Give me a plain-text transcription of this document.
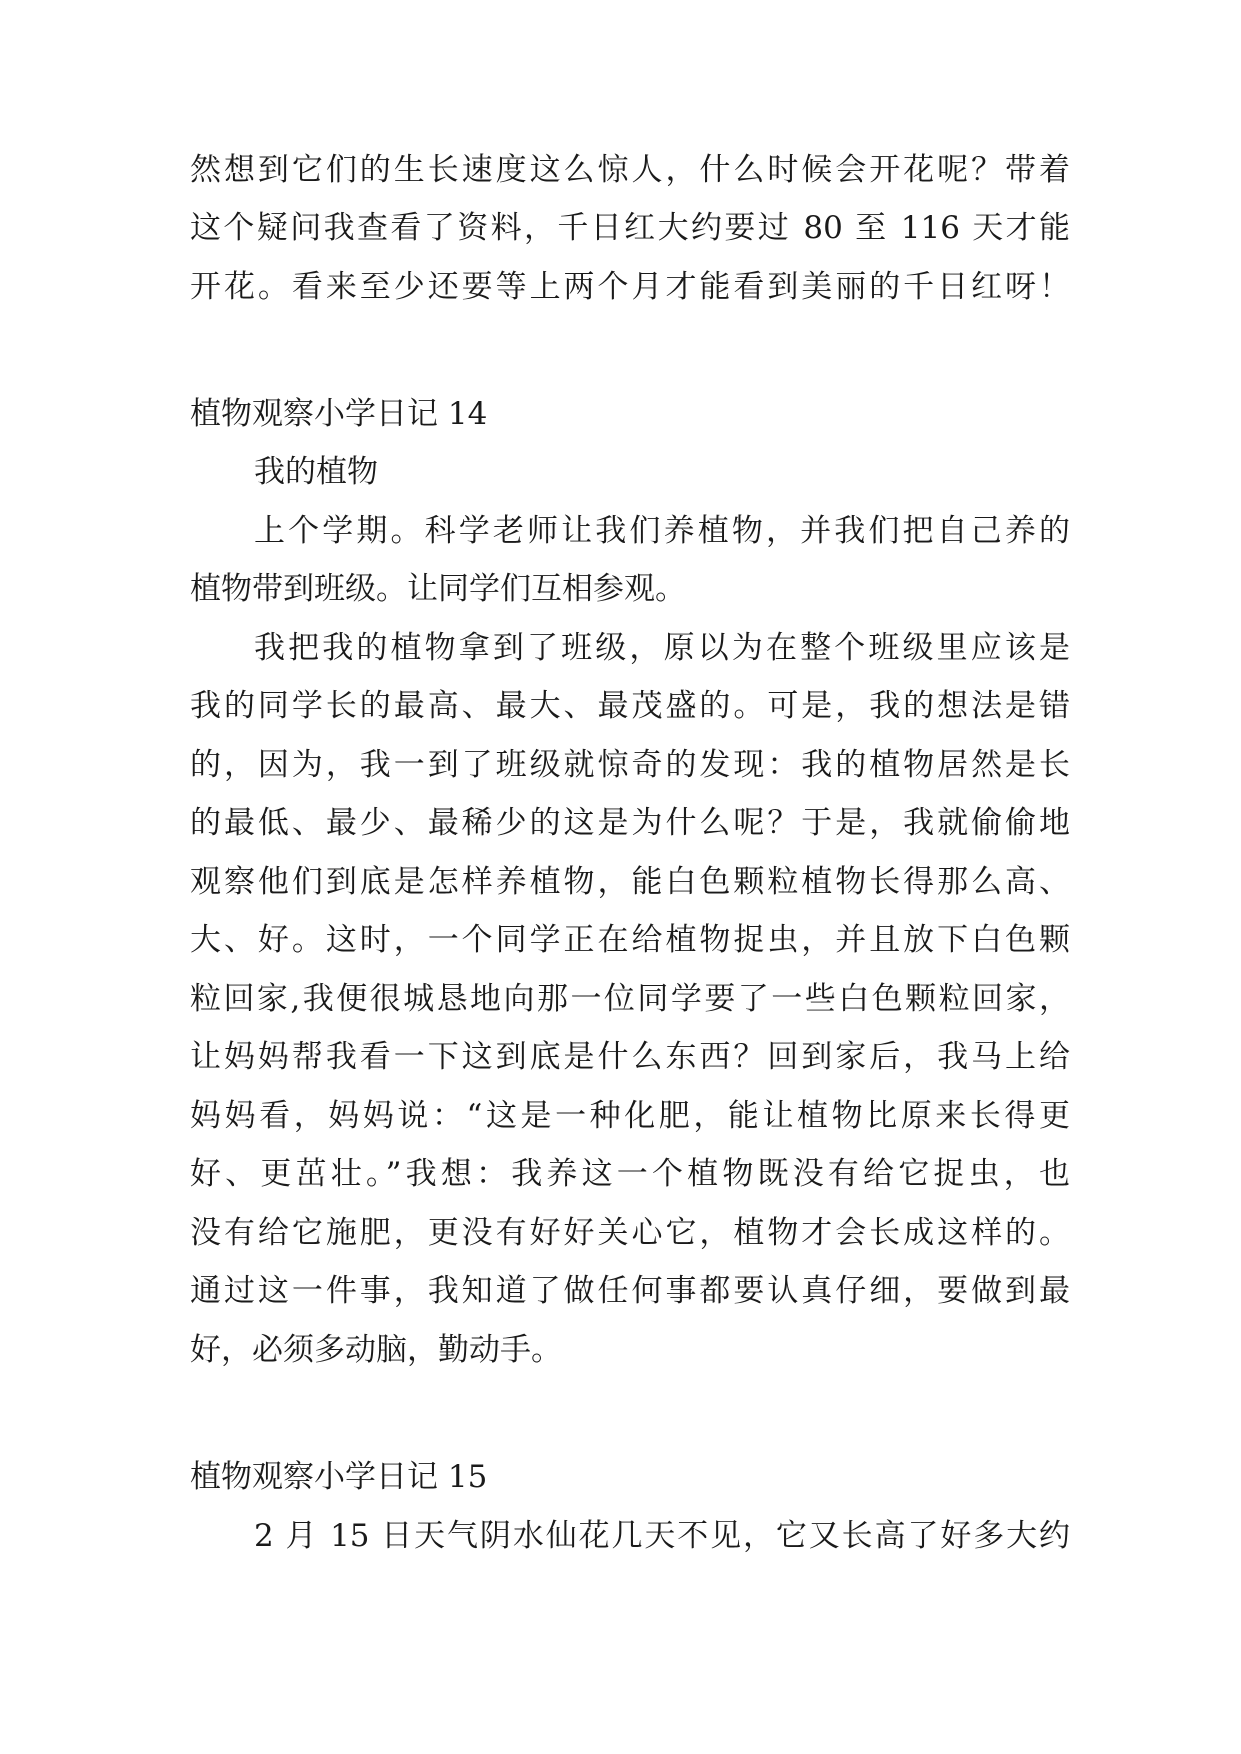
然想到它们的生长速度这么惊人，什么时候会开花呢？带着
这个疑问我查看了资料，千日红大约要过 80 至 116 天才能
开花。看来至少还要等上两个月才能看到美丽的千日红呀！
植物观察小学日记 14
我的植物
上个学期。科学老师让我们养植物，并我们把自己养的
植物带到班级。让同学们互相参观。
我把我的植物拿到了班级，原以为在整个班级里应该是
我的同学长的最高、最大、最茂盛的。可是，我的想法是错
的，因为，我一到了班级就惊奇的发现：我的植物居然是长
的最低、最少、最稀少的这是为什么呢？于是，我就偷偷地
观察他们到底是怎样养植物，能白色颗粒植物长得那么高、
大、好。这时，一个同学正在给植物捉虫，并且放下白色颗
粒回家,我便很城恳地向那一位同学要了一些白色颗粒回家，
让妈妈帮我看一下这到底是什么东西？回到家后，我马上给
妈妈看，妈妈说：“这是一种化肥，能让植物比原来长得更
好、更茁壮。”我想：我养这一个植物既没有给它捉虫，也
没有给它施肥，更没有好好关心它，植物才会长成这样的。
通过这一件事，我知道了做任何事都要认真仔细，要做到最
好，必须多动脑，勤动手。
植物观察小学日记 15
2 月 15 日天气阴水仙花几天不见，它又长高了好多大约
